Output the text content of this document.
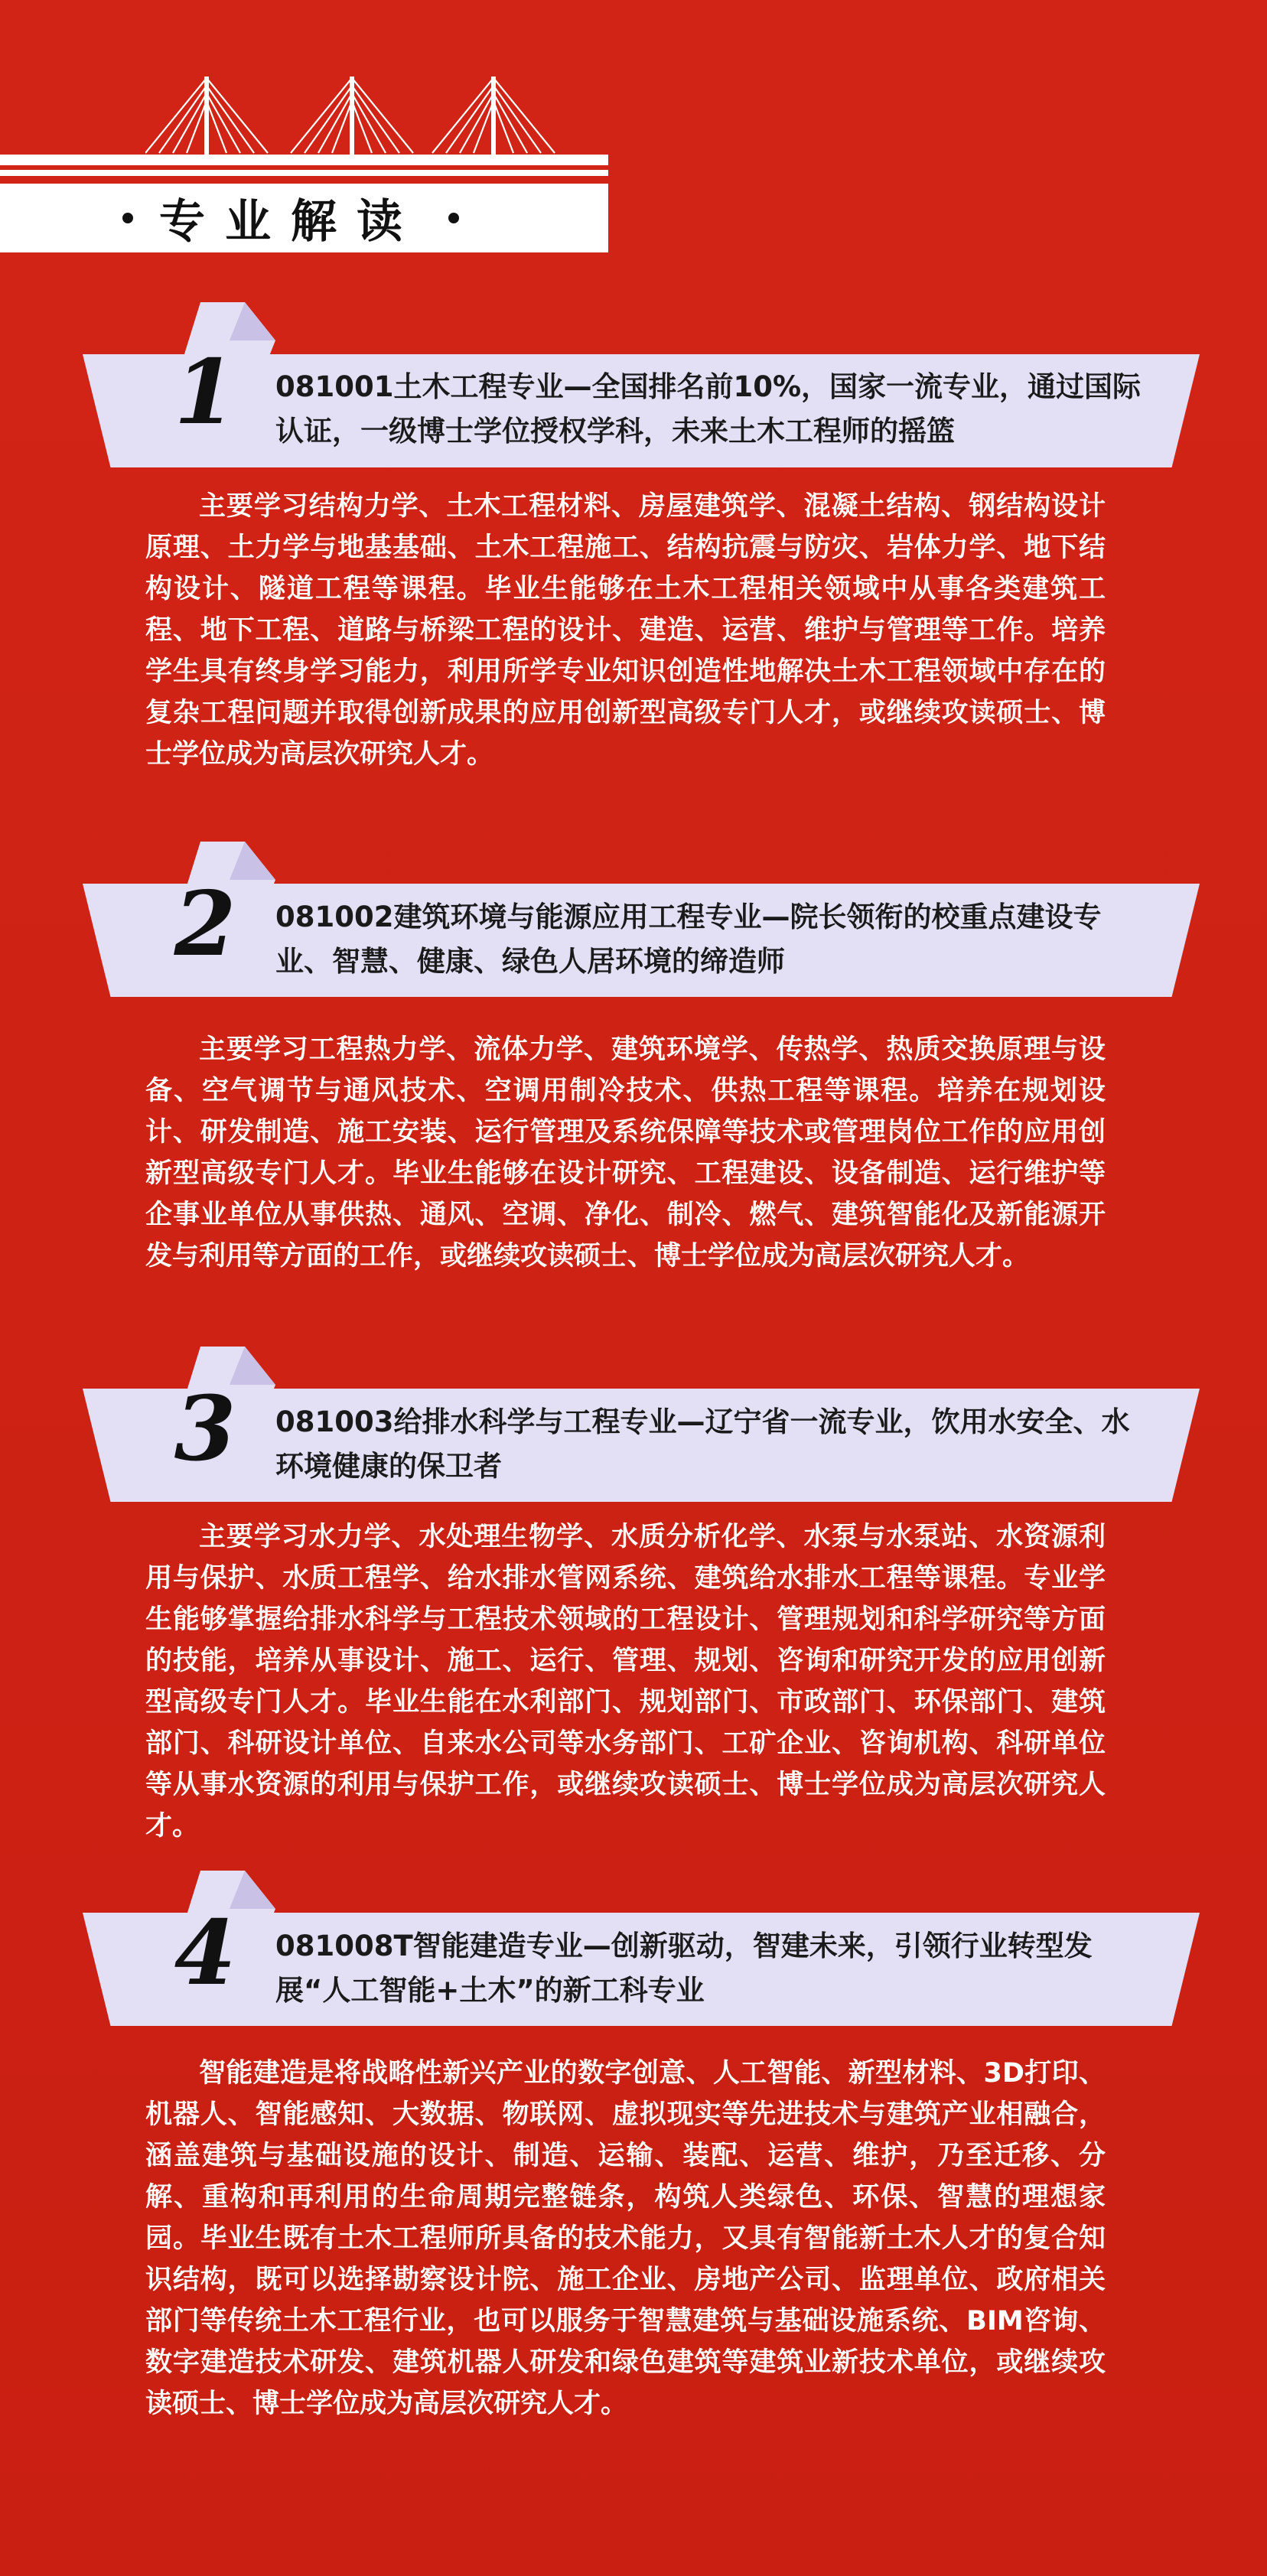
专业解读
1	081001土木工程专业—全国排名前10%，国家一流专业，通过国际认证，一级博士学位授权学科，未来土木工程师的摇篮

主要学习结构力学、土木工程材料、房屋建筑学、混凝土结构、钢结构设计原理、土力学与地基基础、土木工程施工、结构抗震与防灾、岩体力学、地下结构设计、隧道工程等课程。毕业生能够在土木工程相关领域中从事各类建筑工程、地下工程、道路与桥梁工程的设计、建造、运营、维护与管理等工作。培养学生具有终身学习能力，利用所学专业知识创造性地解决土木工程领域中存在的复杂工程问题并取得创新成果的应用创新型高级专门人才，或继续攻读硕士、博士学位成为高层次研究人才。

2	081002建筑环境与能源应用工程专业—院长领衔的校重点建设专业、智慧、健康、绿色人居环境的缔造师

主要学习工程热力学、流体力学、建筑环境学、传热学、热质交换原理与设备、空气调节与通风技术、空调用制冷技术、供热工程等课程。培养在规划设计、研发制造、施工安装、运行管理及系统保障等技术或管理岗位工作的应用创新型高级专门人才。毕业生能够在设计研究、工程建设、设备制造、运行维护等企事业单位从事供热、通风、空调、净化、制冷、燃气、建筑智能化及新能源开发与利用等方面的工作，或继续攻读硕士、博士学位成为高层次研究人才。

3	081003给排水科学与工程专业—辽宁省一流专业，饮用水安全、水环境健康的保卫者

主要学习水力学、水处理生物学、水质分析化学、水泵与水泵站、水资源利用与保护、水质工程学、给水排水管网系统、建筑给水排水工程等课程。专业学生能够掌握给排水科学与工程技术领域的工程设计、管理规划和科学研究等方面的技能，培养从事设计、施工、运行、管理、规划、咨询和研究开发的应用创新型高级专门人才。毕业生能在水利部门、规划部门、市政部门、环保部门、建筑部门、科研设计单位、自来水公司等水务部门、工矿企业、咨询机构、科研单位等从事水资源的利用与保护工作，或继续攻读硕士、博士学位成为高层次研究人才。

4	081008T智能建造专业—创新驱动，智建未来，引领行业转型发展“人工智能+土木”的新工科专业

智能建造是将战略性新兴产业的数字创意、人工智能、新型材料、3D打印、机器人、智能感知、大数据、物联网、虚拟现实等先进技术与建筑产业相融合，涵盖建筑与基础设施的设计、制造、运输、装配、运营、维护，乃至迁移、分解、重构和再利用的生命周期完整链条，构筑人类绿色、环保、智慧的理想家园。毕业生既有土木工程师所具备的技术能力，又具有智能新土木人才的复合知识结构，既可以选择勘察设计院、施工企业、房地产公司、监理单位、政府相关部门等传统土木工程行业，也可以服务于智慧建筑与基础设施系统、BIM咨询、数字建造技术研发、建筑机器人研发和绿色建筑等建筑业新技术单位，或继续攻读硕士、博士学位成为高层次研究人才。
